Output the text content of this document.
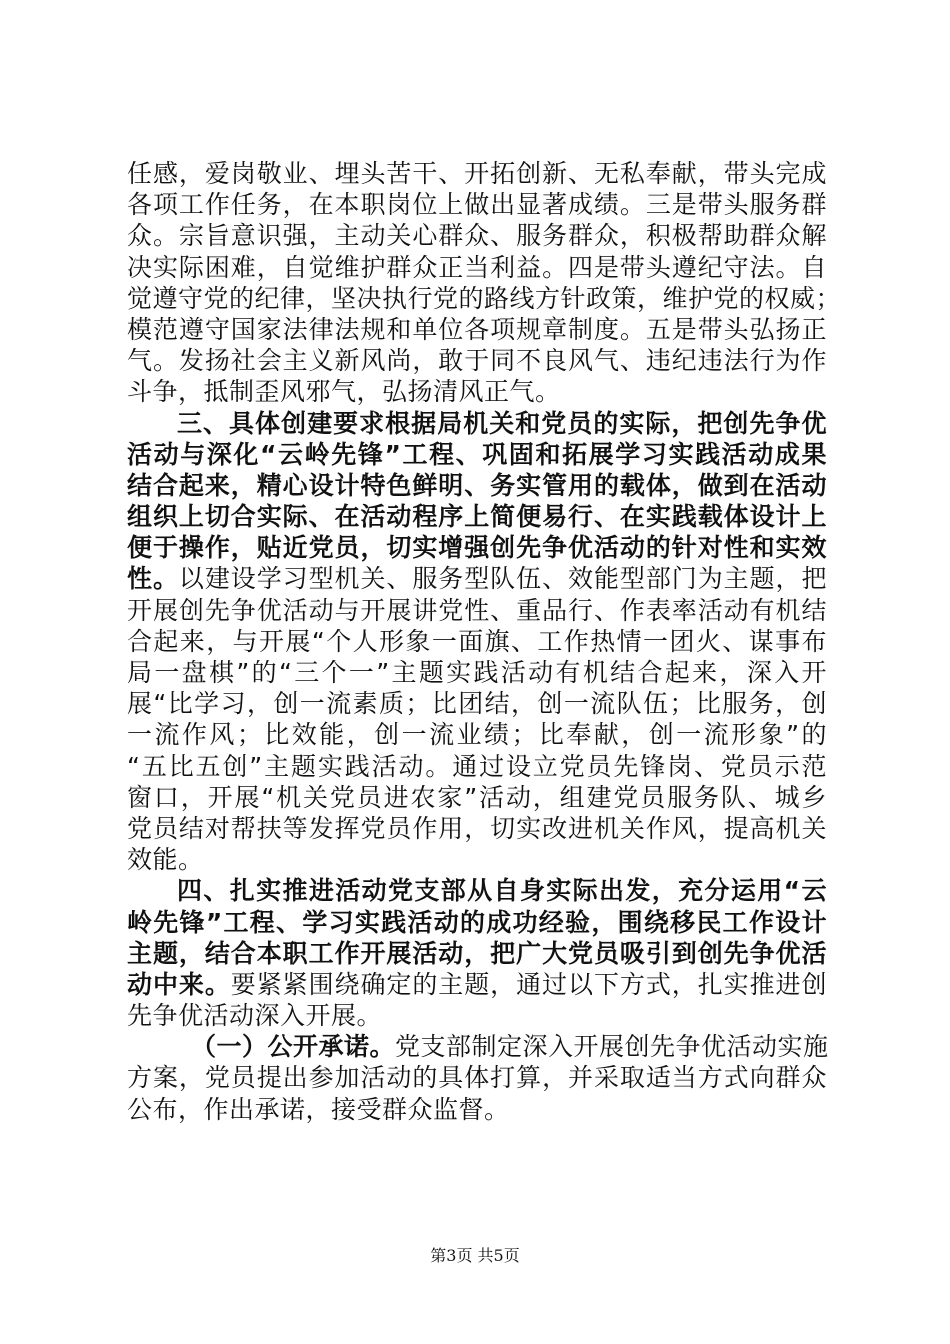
任感，爱岗敬业、埋头苦干、开拓创新、无私奉献，带头完成
各项工作任务，在本职岗位上做出显著成绩。三是带头服务群
众。宗旨意识强，主动关心群众、服务群众，积极帮助群众解
决实际困难，自觉维护群众正当利益。四是带头遵纪守法。自
觉遵守党的纪律，坚决执行党的路线方针政策，维护党的权威；
模范遵守国家法律法规和单位各项规章制度。五是带头弘扬正
气。发扬社会主义新风尚，敢于同不良风气、违纪违法行为作
斗争，抵制歪风邪气，弘扬清风正气。
三、具体创建要求根据局机关和党员的实际，把创先争优
活动与深化“云岭先锋”工程、巩固和拓展学习实践活动成果
结合起来，精心设计特色鲜明、务实管用的载体，做到在活动
组织上切合实际、在活动程序上简便易行、在实践载体设计上
便于操作，贴近党员，切实增强创先争优活动的针对性和实效
性。以建设学习型机关、服务型队伍、效能型部门为主题，把
开展创先争优活动与开展讲党性、重品行、作表率活动有机结
合起来，与开展“个人形象一面旗、工作热情一团火、谋事布
局一盘棋”的“三个一”主题实践活动有机结合起来，深入开
展“比学习，创一流素质；比团结，创一流队伍；比服务，创
一流作风；比效能，创一流业绩；比奉献，创一流形象”的
“五比五创”主题实践活动。通过设立党员先锋岗、党员示范
窗口，开展“机关党员进农家”活动，组建党员服务队、城乡
党员结对帮扶等发挥党员作用，切实改进机关作风，提高机关
效能。
四、扎实推进活动党支部从自身实际出发，充分运用“云
岭先锋”工程、学习实践活动的成功经验，围绕移民工作设计
主题，结合本职工作开展活动，把广大党员吸引到创先争优活
动中来。要紧紧围绕确定的主题，通过以下方式，扎实推进创
先争优活动深入开展。
（一）公开承诺。党支部制定深入开展创先争优活动实施
方案，党员提出参加活动的具体打算，并采取适当方式向群众
公布，作出承诺，接受群众监督。
第3页 共5页
